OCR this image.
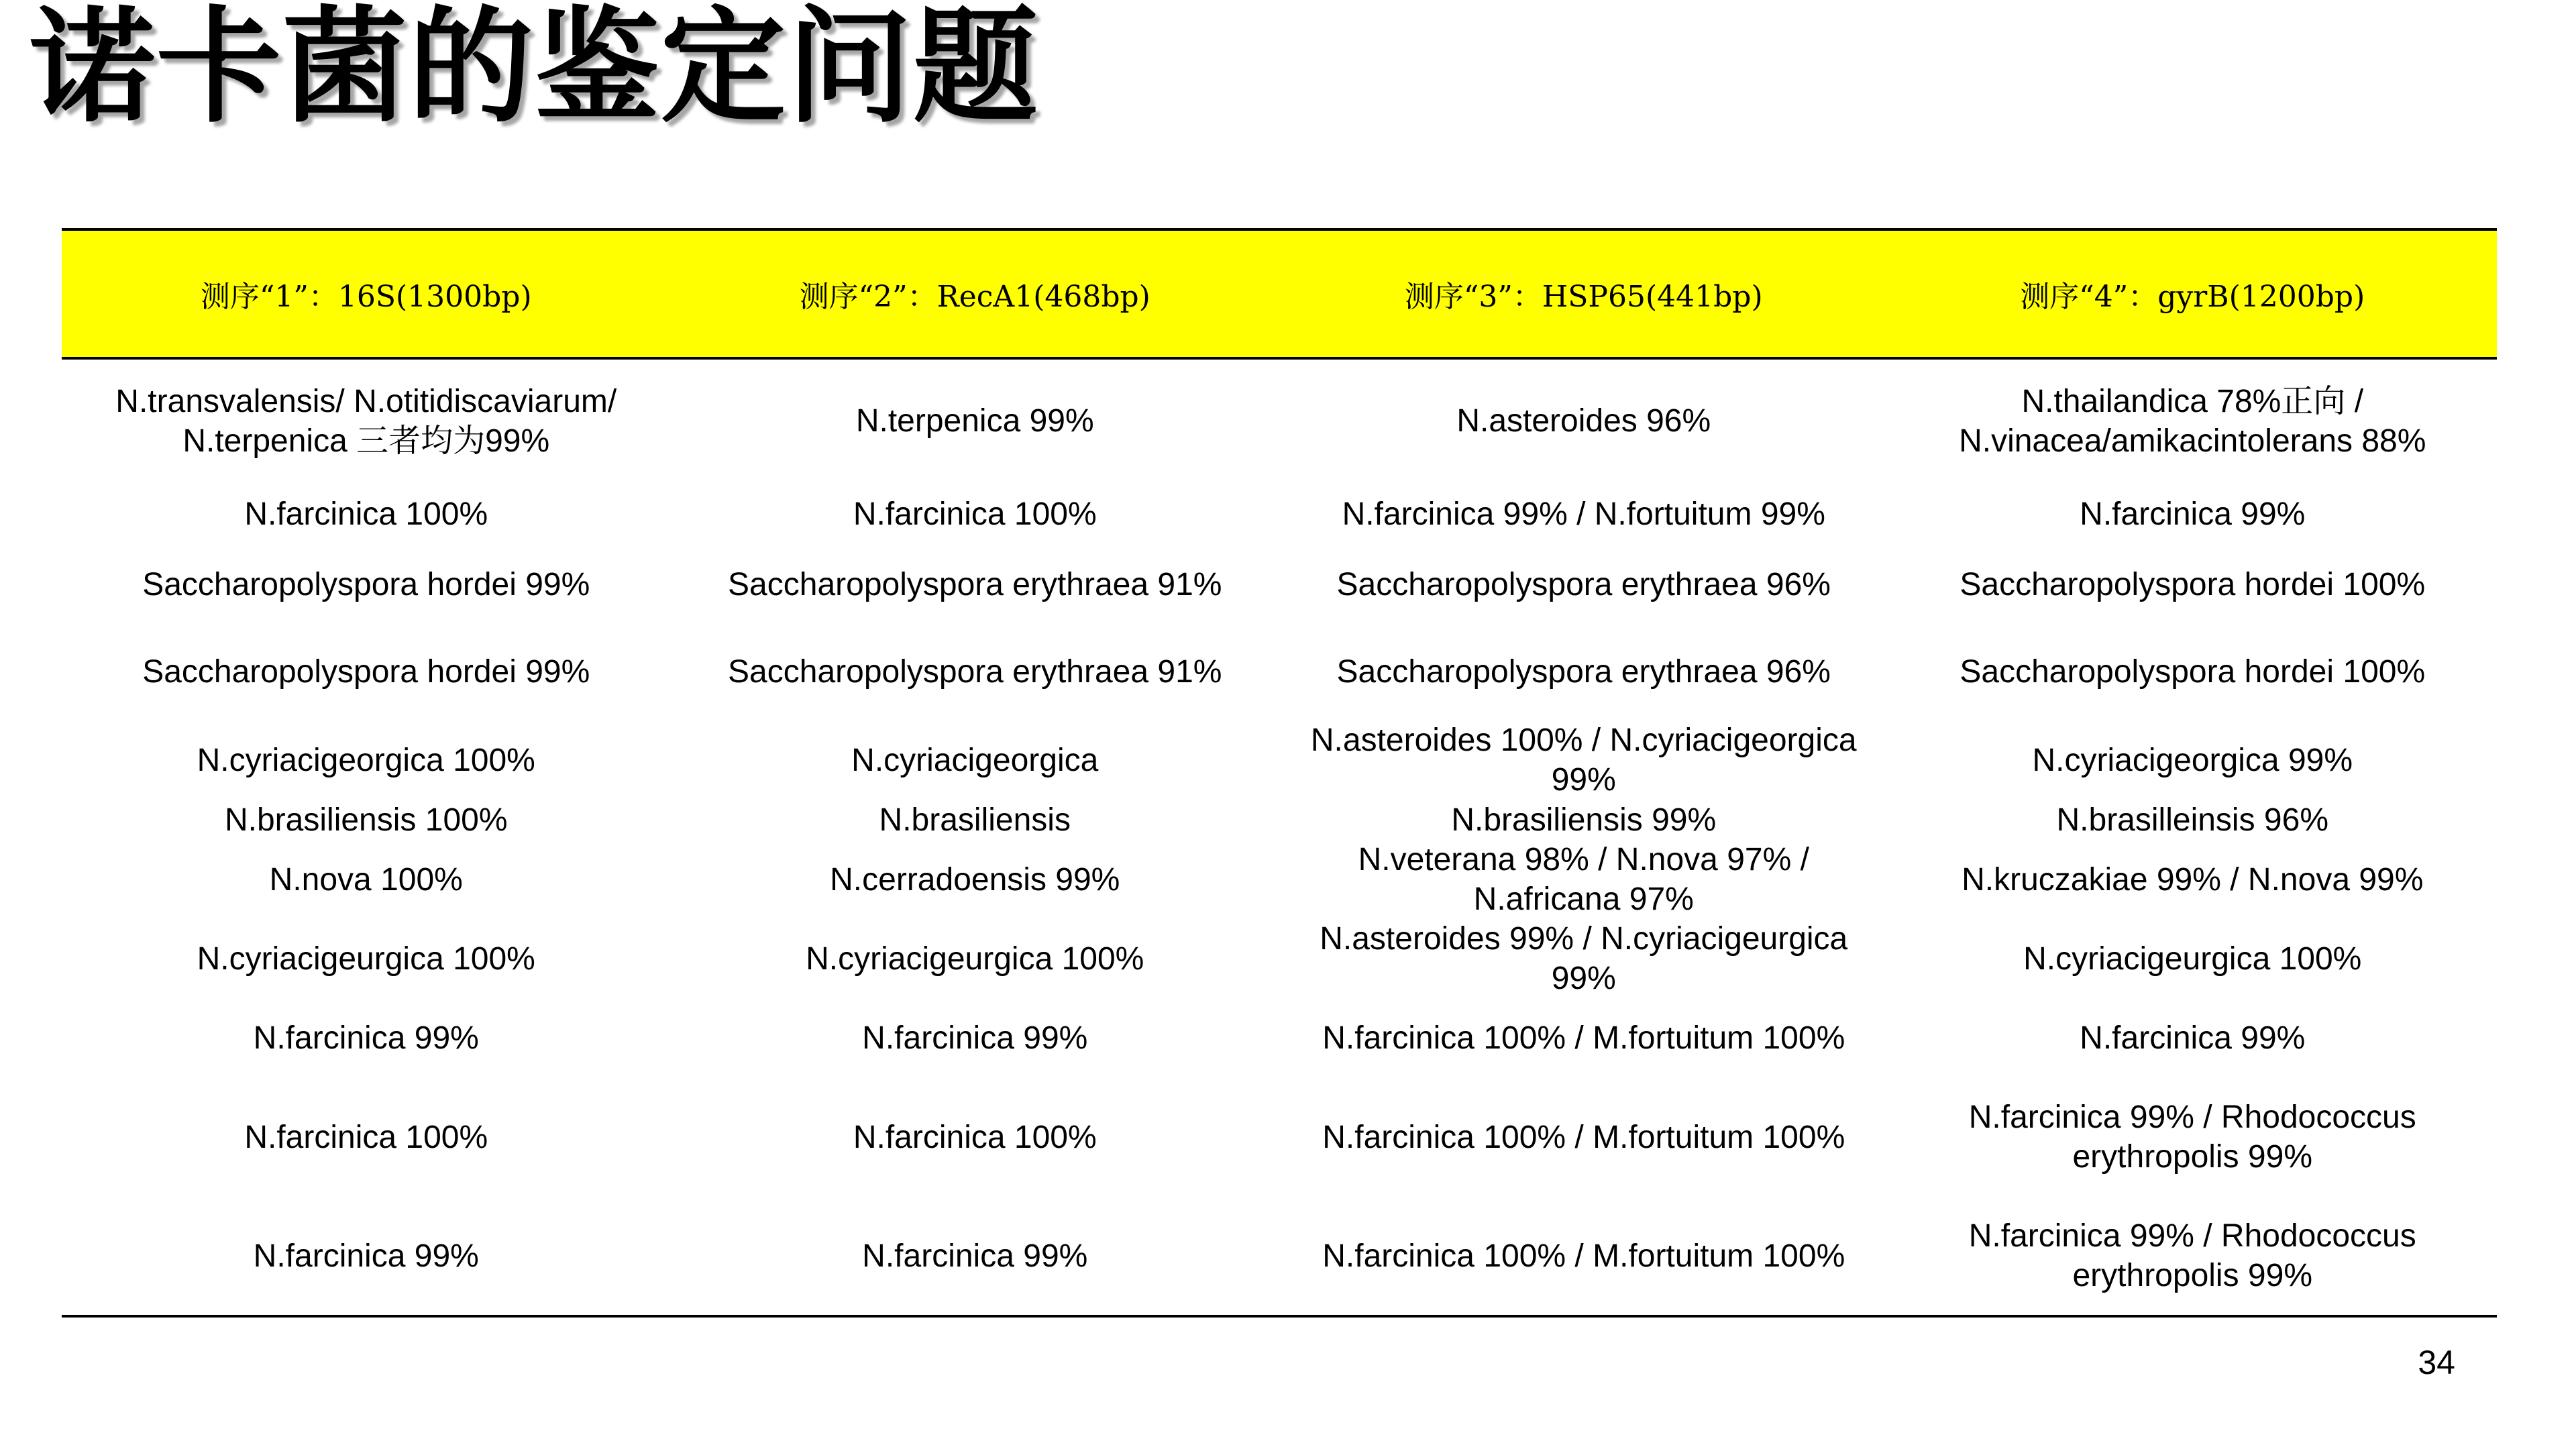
诺卡菌的鉴定问题
测序“1”：16S(1300bp)	测序“2”：RecA1(468bp)	测序“3”：HSP65(441bp)	测序“4”：gyrB(1200bp)
N.transvalensis/ N.otitidiscaviarum/ N.terpenica 三者均为99%	N.terpenica 99%	N.asteroides 96%	N.thailandica 78%正向 / N.vinacea/amikacintolerans 88%
N.farcinica 100%	N.farcinica 100%	N.farcinica 99% / N.fortuitum 99%	N.farcinica 99%
Saccharopolyspora hordei 99%	Saccharopolyspora erythraea 91%	Saccharopolyspora erythraea 96%	Saccharopolyspora hordei 100%
Saccharopolyspora hordei 99%	Saccharopolyspora erythraea 91%	Saccharopolyspora erythraea 96%	Saccharopolyspora hordei 100%
N.cyriacigeorgica 100%	N.cyriacigeorgica	N.asteroides 100% / N.cyriacigeorgica 99%	N.cyriacigeorgica 99%
N.brasiliensis 100%	N.brasiliensis	N.brasiliensis 99%	N.brasilleinsis 96%
N.nova 100%	N.cerradoensis 99%	N.veterana 98% / N.nova 97% / N.africana 97%	N.kruczakiae 99% / N.nova 99%
N.cyriacigeurgica 100%	N.cyriacigeurgica 100%	N.asteroides 99% / N.cyriacigeurgica 99%	N.cyriacigeurgica 100%
N.farcinica 99%	N.farcinica 99%	N.farcinica 100% / M.fortuitum 100%	N.farcinica 99%
N.farcinica 100%	N.farcinica 100%	N.farcinica 100% / M.fortuitum 100%	N.farcinica 99% / Rhodococcus erythropolis 99%
N.farcinica 99%	N.farcinica 99%	N.farcinica 100% / M.fortuitum 100%	N.farcinica 99% / Rhodococcus erythropolis 99%
34
